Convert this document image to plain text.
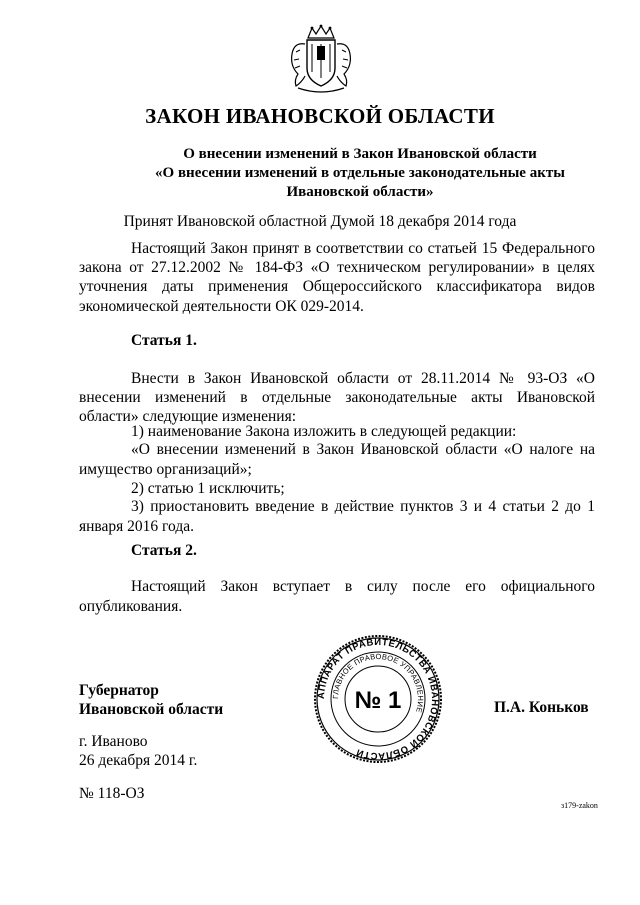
ЗАКОН ИВАНОВСКОЙ ОБЛАСТИ
О внесении изменений в Закон Ивановской области
«О внесении изменений в отдельные законодательные акты
Ивановской области»
Принят Ивановской областной Думой 18 декабря 2014 года
Настоящий Закон принят в соответствии со статьей 15 Федерального закона от 27.12.2002 № 184-ФЗ «О техническом регулировании» в целях уточнения даты применения Общероссийского классификатора видов экономической деятельности ОК 029-2014.
Статья 1.
Внести в Закон Ивановской области от 28.11.2014 № 93-ОЗ «О внесении изменений в отдельные законодательные акты Ивановской области» следующие изменения:
1) наименование Закона изложить в следующей редакции:
«О внесении изменений в Закон Ивановской области «О налоге на
имущество организаций»;
2) статью 1 исключить;
3) приостановить введение в действие пунктов 3 и 4 статьи 2 до 1
января 2016 года.
Статья 2.
Настоящий Закон вступает в силу после его официального
опубликования.
Губернатор
Ивановской области	П.А. Коньков
АППАРАТ ПРАВИТЕЛЬСТВА ИВАНОВСКОЙ ОБЛАСТИ
ГЛАВНОЕ ПРАВОВОЕ УПРАВЛЕНИЕ
№ 1
г. Иваново
26 декабря 2014 г.
№ 118-ОЗ
з179-zakon
